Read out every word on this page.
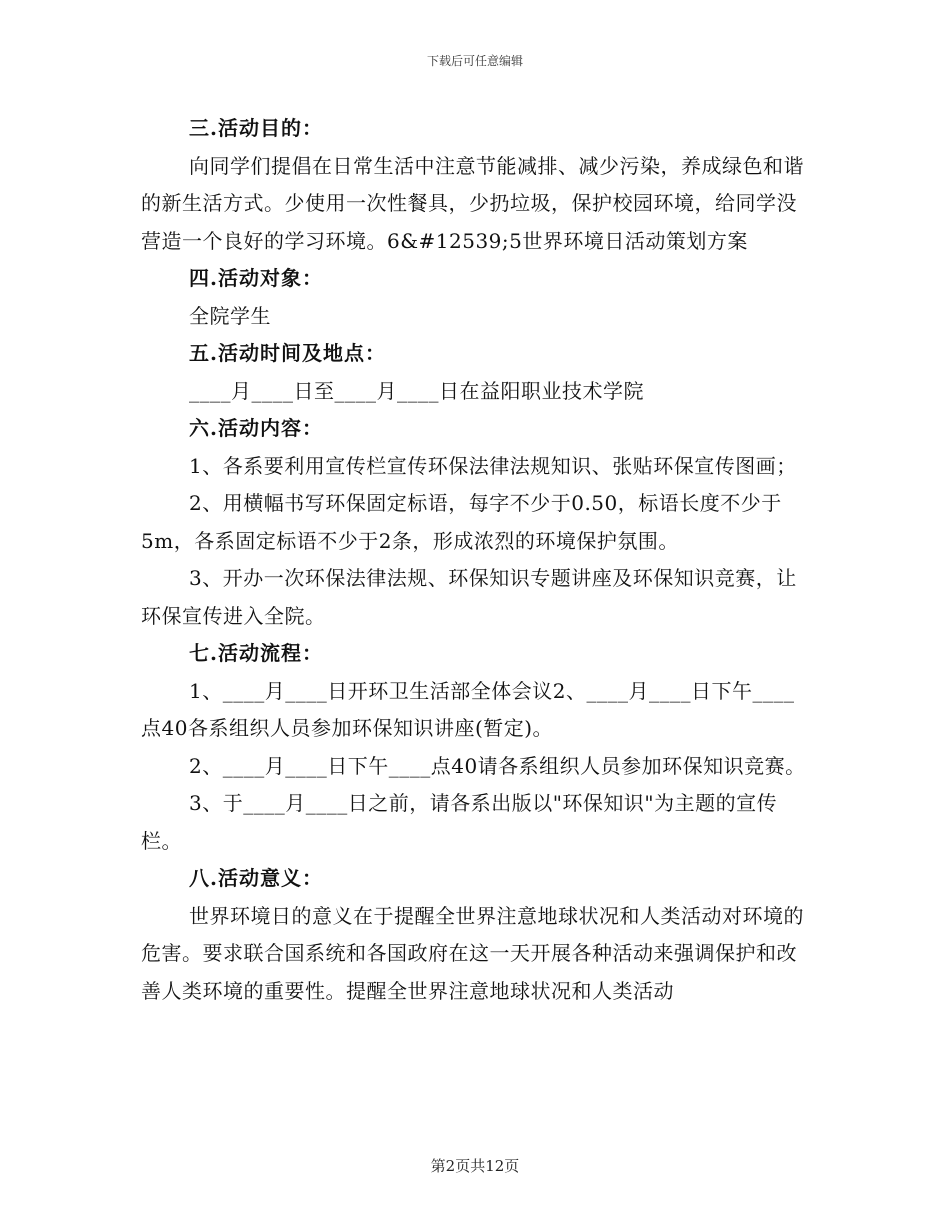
下载后可任意编辑

三.活动目的：

向同学们提倡在日常生活中注意节能减排、减少污染，养成绿色和谐的新生活方式。少使用一次性餐具，少扔垃圾，保护校园环境，给同学没营造一个良好的学习环境。6&#12539;5世界环境日活动策划方案

四.活动对象：

全院学生

五.活动时间及地点：

____月____日至____月____日在益阳职业技术学院

六.活动内容：

1、各系要利用宣传栏宣传环保法律法规知识、张贴环保宣传图画；

2、用横幅书写环保固定标语，每字不少于0.50，标语长度不少于5m，各系固定标语不少于2条，形成浓烈的环境保护氛围。

3、开办一次环保法律法规、环保知识专题讲座及环保知识竞赛，让环保宣传进入全院。

七.活动流程：

1、____月____日开环卫生活部全体会议2、____月____日下午____点40各系组织人员参加环保知识讲座(暂定)。

2、____月____日下午____点40请各系组织人员参加环保知识竞赛。

3、于____月____日之前，请各系出版以"环保知识"为主题的宣传栏。

八.活动意义：

世界环境日的意义在于提醒全世界注意地球状况和人类活动对环境的危害。要求联合国系统和各国政府在这一天开展各种活动来强调保护和改善人类环境的重要性。提醒全世界注意地球状况和人类活动

第2页共12页
